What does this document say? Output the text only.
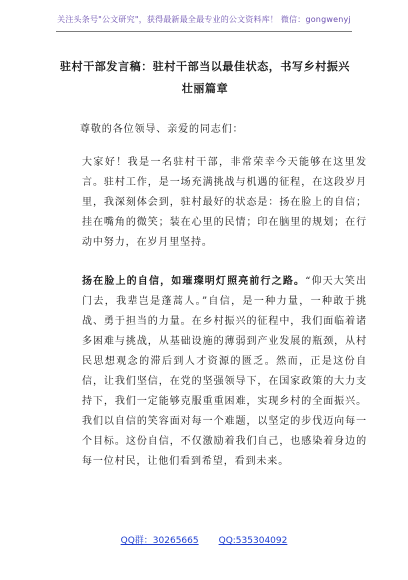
关注头条号"公文研究"，获得最新最全最专业的公文资料库！ 微信：gongwenyj
驻村干部发言稿：驻村干部当以最佳状态，书写乡村振兴
壮丽篇章

尊敬的各位领导、亲爱的同志们：

大家好！我是一名驻村干部，非常荣幸今天能够在这里发言。驻村工作，是一场充满挑战与机遇的征程，在这段岁月里，我深刻体会到，驻村最好的状态是：扬在脸上的自信；挂在嘴角的微笑；装在心里的民情；印在脑里的规划；在行动中努力，在岁月里坚持。

扬在脸上的自信，如璀璨明灯照亮前行之路。“仰天大笑出门去，我辈岂是蓬蒿人。”自信，是一种力量，一种敢于挑战、勇于担当的力量。在乡村振兴的征程中，我们面临着诸多困难与挑战，从基础设施的薄弱到产业发展的瓶颈，从村民思想观念的滞后到人才资源的匮乏。然而，正是这份自信，让我们坚信，在党的坚强领导下，在国家政策的大力支持下，我们一定能够克服重重困难，实现乡村的全面振兴。我们以自信的笑容面对每一个难题，以坚定的步伐迈向每一个目标。这份自信，不仅激励着我们自己，也感染着身边的每一位村民，让他们看到希望，看到未来。

QQ群：30265665 QQ:535304092
